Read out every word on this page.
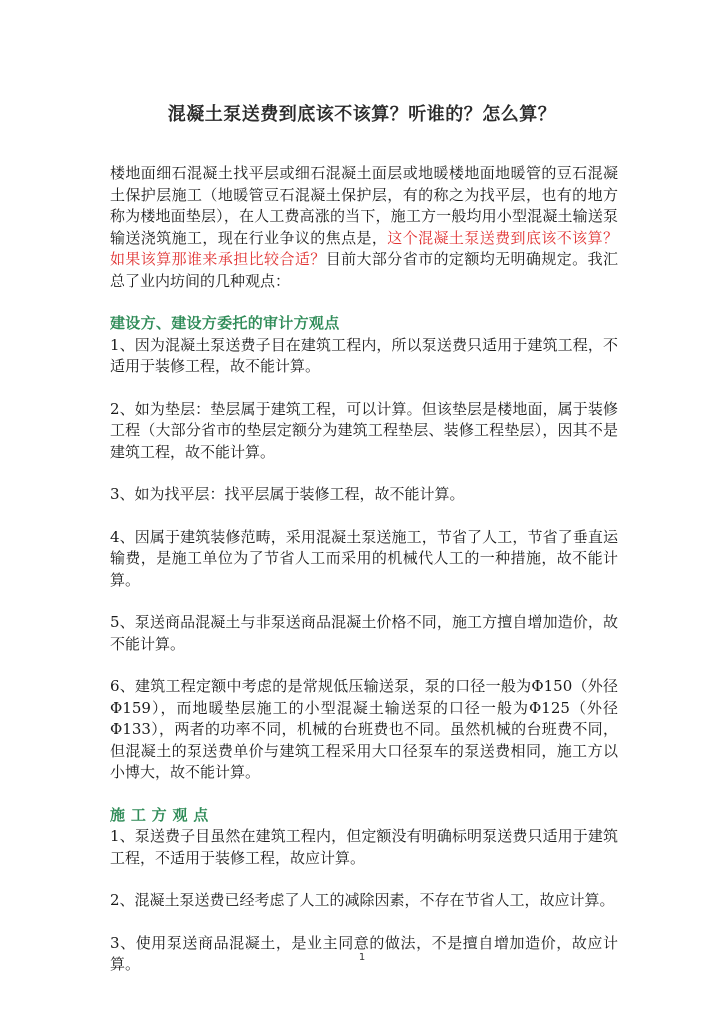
混凝土泵送费到底该不该算？听谁的？怎么算？

楼地面细石混凝土找平层或细石混凝土面层或地暖楼地面地暖管的豆石混凝土保护层施工（地暖管豆石混凝土保护层，有的称之为找平层，也有的地方称为楼地面垫层），在人工费高涨的当下，施工方一般均用小型混凝土输送泵输送浇筑施工，现在行业争议的焦点是，这个混凝土泵送费到底该不该算？如果该算那谁来承担比较合适？目前大部分省市的定额均无明确规定。我汇总了业内坊间的几种观点：

建设方、建设方委托的审计方观点

1、因为混凝土泵送费子目在建筑工程内，所以泵送费只适用于建筑工程，不适用于装修工程，故不能计算。

2、如为垫层：垫层属于建筑工程，可以计算。但该垫层是楼地面，属于装修工程（大部分省市的垫层定额分为建筑工程垫层、装修工程垫层），因其不是建筑工程，故不能计算。

3、如为找平层：找平层属于装修工程，故不能计算。

4、因属于建筑装修范畴，采用混凝土泵送施工，节省了人工，节省了垂直运输费，是施工单位为了节省人工而采用的机械代人工的一种措施，故不能计算。

5、泵送商品混凝土与非泵送商品混凝土价格不同，施工方擅自增加造价，故不能计算。

6、建筑工程定额中考虑的是常规低压输送泵，泵的口径一般为Φ150（外径Φ159），而地暖垫层施工的小型混凝土输送泵的口径一般为Φ125（外径Φ133），两者的功率不同，机械的台班费也不同。虽然机械的台班费不同，但混凝土的泵送费单价与建筑工程采用大口径泵车的泵送费相同，施工方以小博大，故不能计算。

施 工 方 观 点

1、泵送费子目虽然在建筑工程内，但定额没有明确标明泵送费只适用于建筑工程，不适用于装修工程，故应计算。

2、混凝土泵送费已经考虑了人工的减除因素，不存在节省人工，故应计算。

3、使用泵送商品混凝土，是业主同意的做法，不是擅自增加造价，故应计算。	1
